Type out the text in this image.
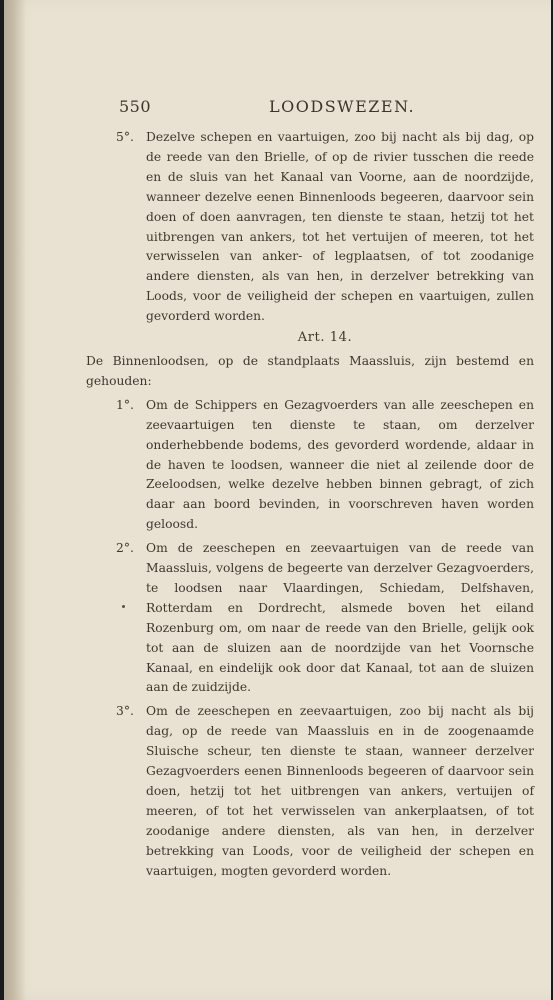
550	LOODSWEZEN.
5°. Dezelve schepen en vaartuigen, zoo bij nacht als bij dag, op de reede van den Brielle, of op de rivier tusschen die reede en de sluis van het Kanaal van Voorne, aan de noordzijde, wanneer dezelve eenen Binnenloods begeeren, daarvoor sein doen of doen aanvragen, ten dienste te staan, hetzij tot het uitbrengen van ankers, tot het vertuijen of meeren, tot het verwisselen van anker- of legplaatsen, of tot zoodanige andere diensten, als van hen, in derzelver betrekking van Loods, voor de veiligheid der schepen en vaartuigen, zullen gevorderd worden.
Art. 14.
De Binnenloodsen, op de standplaats Maassluis, zijn bestemd en gehouden:
1°. Om de Schippers en Gezagvoerders van alle zeeschepen en zeevaartuigen ten dienste te staan, om derzelver onderhebbende bodems, des gevorderd wordende, aldaar in de haven te loodsen, wanneer die niet al zeilende door de Zeeloodsen, welke dezelve hebben binnen gebragt, of zich daar aan boord bevinden, in voorschreven haven worden geloosd.
2°. Om de zeeschepen en zeevaartuigen van de reede van Maassluis, volgens de begeerte van derzelver Gezagvoerders, te loodsen naar Vlaardingen, Schiedam, Delfshaven, Rotterdam en Dordrecht, alsmede boven het eiland Rozenburg om, om naar de reede van den Brielle, gelijk ook tot aan de sluizen aan de noordzijde van het Voornsche Kanaal, en eindelijk ook door dat Kanaal, tot aan de sluizen aan de zuidzijde.
3°. Om de zeeschepen en zeevaartuigen, zoo bij nacht als bij dag, op de reede van Maassluis en in de zoogenaamde Sluische scheur, ten dienste te staan, wanneer derzelver Gezagvoerders eenen Binnenloods begeeren of daarvoor sein doen, hetzij tot het uitbrengen van ankers, vertuijen of meeren, of tot het verwisselen van ankerplaatsen, of tot zoodanige andere diensten, als van hen, in derzelver betrekking van Loods, voor de veiligheid der schepen en vaartuigen, mogten gevorderd worden.
